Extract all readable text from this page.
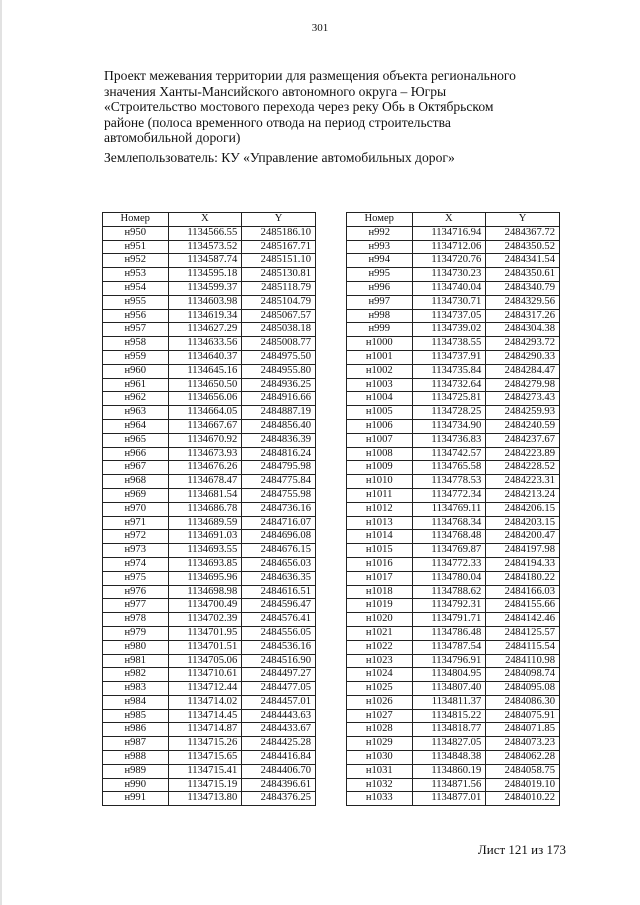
301

Проект межевания территории для размещения объекта регионального

значения Ханты-Мансийского автономного округа – Югры

«Строительство мостового перехода через реку Обь в Октябрьском

районе (полоса временного отвода на период строительства

автомобильной дороги)

Землепользователь: КУ «Управление автомобильных дорог»

Номер	X	Y
н950	1134566.55	2485186.10
н951	1134573.52	2485167.71
н952	1134587.74	2485151.10
н953	1134595.18	2485130.81
н954	1134599.37	2485118.79
н955	1134603.98	2485104.79
н956	1134619.34	2485067.57
н957	1134627.29	2485038.18
н958	1134633.56	2485008.77
н959	1134640.37	2484975.50
н960	1134645.16	2484955.80
н961	1134650.50	2484936.25
н962	1134656.06	2484916.66
н963	1134664.05	2484887.19
н964	1134667.67	2484856.40
н965	1134670.92	2484836.39
н966	1134673.93	2484816.24
н967	1134676.26	2484795.98
н968	1134678.47	2484775.84
н969	1134681.54	2484755.98
н970	1134686.78	2484736.16
н971	1134689.59	2484716.07
н972	1134691.03	2484696.08
н973	1134693.55	2484676.15
н974	1134693.85	2484656.03
н975	1134695.96	2484636.35
н976	1134698.98	2484616.51
н977	1134700.49	2484596.47
н978	1134702.39	2484576.41
н979	1134701.95	2484556.05
н980	1134701.51	2484536.16
н981	1134705.06	2484516.90
н982	1134710.61	2484497.27
н983	1134712.44	2484477.05
н984	1134714.02	2484457.01
н985	1134714.45	2484443.63
н986	1134714.87	2484433.67
н987	1134715.26	2484425.28
н988	1134715.65	2484416.84
н989	1134715.41	2484406.70
н990	1134715.19	2484396.61
н991	1134713.80	2484376.25
Номер	X	Y
н992	1134716.94	2484367.72
н993	1134712.06	2484350.52
н994	1134720.76	2484341.54
н995	1134730.23	2484350.61
н996	1134740.04	2484340.79
н997	1134730.71	2484329.56
н998	1134737.05	2484317.26
н999	1134739.02	2484304.38
н1000	1134738.55	2484293.72
н1001	1134737.91	2484290.33
н1002	1134735.84	2484284.47
н1003	1134732.64	2484279.98
н1004	1134725.81	2484273.43
н1005	1134728.25	2484259.93
н1006	1134734.90	2484240.59
н1007	1134736.83	2484237.67
н1008	1134742.57	2484223.89
н1009	1134765.58	2484228.52
н1010	1134778.53	2484223.31
н1011	1134772.34	2484213.24
н1012	1134769.11	2484206.15
н1013	1134768.34	2484203.15
н1014	1134768.48	2484200.47
н1015	1134769.87	2484197.98
н1016	1134772.33	2484194.33
н1017	1134780.04	2484180.22
н1018	1134788.62	2484166.03
н1019	1134792.31	2484155.66
н1020	1134791.71	2484142.46
н1021	1134786.48	2484125.57
н1022	1134787.54	2484115.54
н1023	1134796.91	2484110.98
н1024	1134804.95	2484098.74
н1025	1134807.40	2484095.08
н1026	1134811.37	2484086.30
н1027	1134815.22	2484075.91
н1028	1134818.77	2484071.85
н1029	1134827.05	2484073.23
н1030	1134848.38	2484062.28
н1031	1134860.19	2484058.75
н1032	1134871.56	2484019.10
н1033	1134877.01	2484010.22
Лист 121 из 173
